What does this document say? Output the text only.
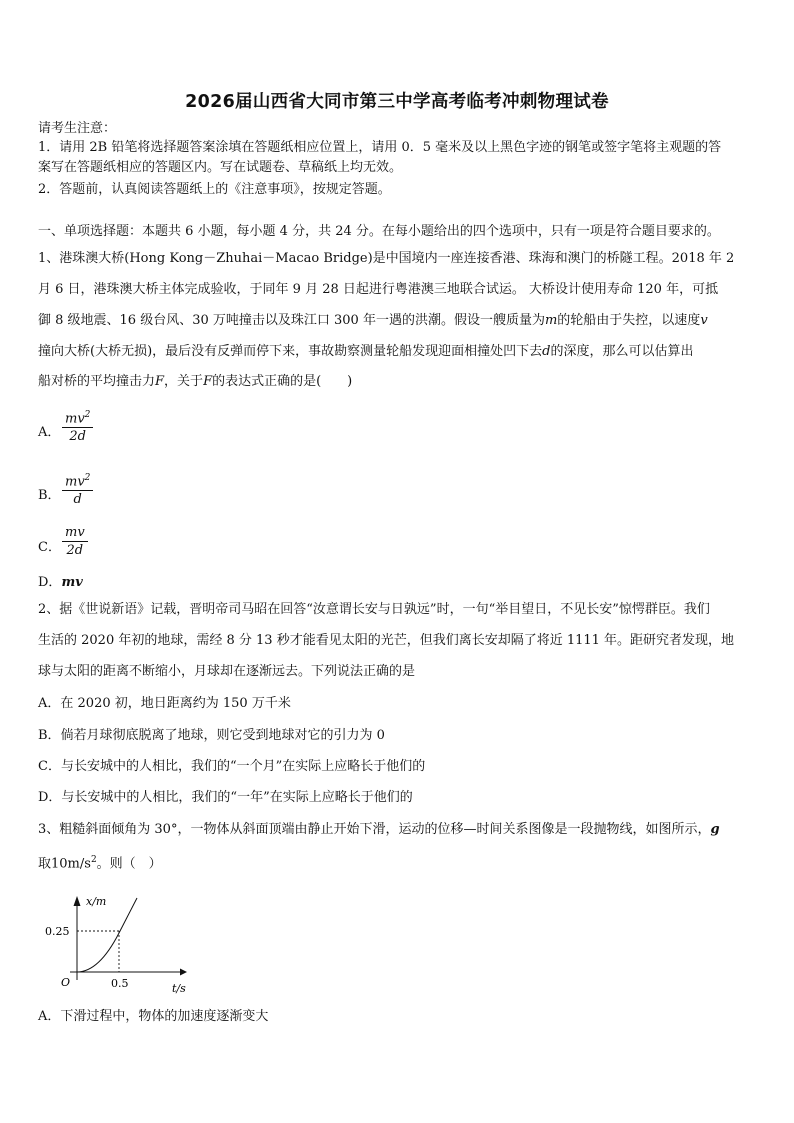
2026届山西省大同市第三中学高考临考冲刺物理试卷
请考生注意：
1．请用 2B 铅笔将选择题答案涂填在答题纸相应位置上，请用 0．5 毫米及以上黑色字迹的钢笔或签字笔将主观题的答
案写在答题纸相应的答题区内。写在试题卷、草稿纸上均无效。
2．答题前，认真阅读答题纸上的《注意事项》，按规定答题。
一、单项选择题：本题共 6 小题，每小题 4 分，共 24 分。在每小题给出的四个选项中，只有一项是符合题目要求的。
1、港珠澳大桥(Hong Kong－Zhuhai－Macao Bridge)是中国境内一座连接香港、珠海和澳门的桥隧工程。2018 年 2
月 6 日，港珠澳大桥主体完成验收，于同年 9 月 28 日起进行粤港澳三地联合试运。 大桥设计使用寿命 120 年，可抵
御 8 级地震、16 级台风、30 万吨撞击以及珠江口 300 年一遇的洪潮。假设一艘质量为m的轮船由于失控，以速度v
撞向大桥(大桥无损)，最后没有反弹而停下来，事故勘察测量轮船发现迎面相撞处凹下去d的深度，那么可以估算出
船对桥的平均撞击力F，关于F的表达式正确的是(　　)
A．
$mv^2$
2d
B．
$mv^2$
d
C．
mv
2d
D．mv
2、据《世说新语》记载，晋明帝司马昭在回答“汝意谓长安与日孰远”时，一句“举目望日，不见长安”惊愕群臣。我们
生活的 2020 年初的地球，需经 8 分 13 秒才能看见太阳的光芒，但我们离长安却隔了将近 1111 年。距研究者发现，地
球与太阳的距离不断缩小，月球却在逐渐远去。下列说法正确的是
A．在 2020 初，地日距离约为 150 万千米
B．倘若月球彻底脱离了地球，则它受到地球对它的引力为 0
C．与长安城中的人相比，我们的“一个月”在实际上应略长于他们的
D．与长安城中的人相比，我们的“一年”在实际上应略长于他们的
3、粗糙斜面倾角为 30°，一物体从斜面顶端由静止开始下滑，运动的位移—时间关系图像是一段抛物线，如图所示，g
取$10m/s^2$。则（　）
x/m
t/s
O
0.25
0.5
A．下滑过程中，物体的加速度逐渐变大
